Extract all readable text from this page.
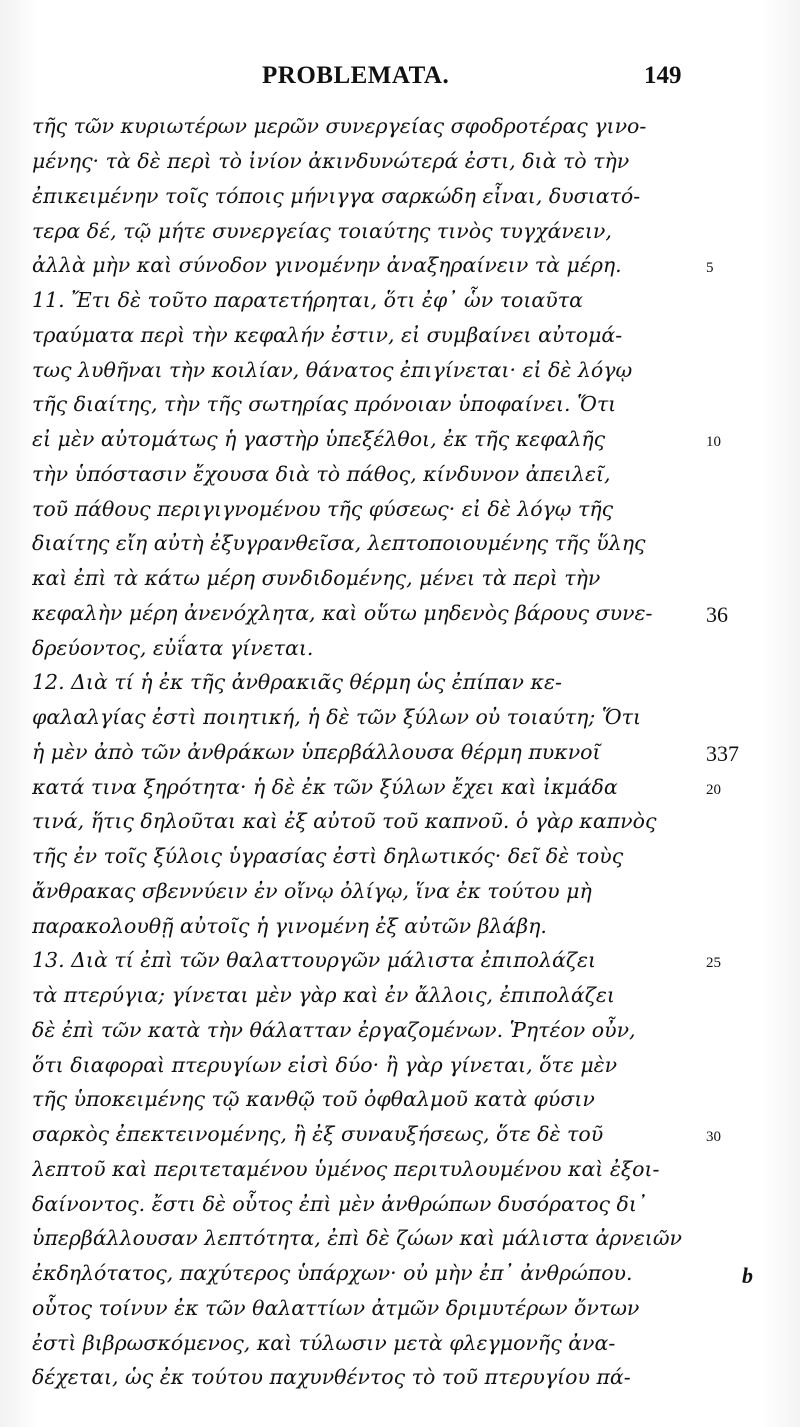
PROBLEMATA.	149
τῆς τῶν κυριωτέρων μερῶν συνεργείας σφοδροτέρας γινο-
μένης· τὰ δὲ περὶ τὸ ἰνίον ἀκινδυνώτερά ἐστι, διὰ τὸ τὴν
ἐπικειμένην τοῖς τόποις μήνιγγα σαρκώδη εἶναι, δυσιατό-
τερα δέ, τῷ μήτε συνεργείας τοιαύτης τινὸς τυγχάνειν,
ἀλλὰ μὴν καὶ σύνοδον γινομένην ἀναξηραίνειν τὰ μέρη.
11. Ἔτι δὲ τοῦτο παρατετήρηται, ὅτι ἐφ᾽ ὧν τοιαῦτα
τραύματα περὶ τὴν κεφαλήν ἐστιν, εἰ συμβαίνει αὐτομά-
τως λυθῆναι τὴν κοιλίαν, θάνατος ἐπιγίνεται· εἰ δὲ λόγῳ
τῆς διαίτης, τὴν τῆς σωτηρίας πρόνοιαν ὑποφαίνει. Ὅτι
εἰ μὲν αὐτομάτως ἡ γαστὴρ ὑπεξέλθοι, ἐκ τῆς κεφαλῆς
τὴν ὑπόστασιν ἔχουσα διὰ τὸ πάθος, κίνδυνον ἀπειλεῖ,
τοῦ πάθους περιγιγνομένου τῆς φύσεως· εἰ δὲ λόγῳ τῆς
διαίτης εἴη αὐτὴ ἐξυγρανθεῖσα, λεπτοποιουμένης τῆς ὕλης
καὶ ἐπὶ τὰ κάτω μέρη συνδιδομένης, μένει τὰ περὶ τὴν
κεφαλὴν μέρη ἀνενόχλητα, καὶ οὕτω μηδενὸς βάρους συνε-
δρεύοντος, εὐΐατα γίνεται.
12. Διὰ τί ἡ ἐκ τῆς ἀνθρακιᾶς θέρμη ὡς ἐπίπαν κε-
φαλαλγίας ἐστὶ ποιητική, ἡ δὲ τῶν ξύλων οὐ τοιαύτη; Ὅτι
ἡ μὲν ἀπὸ τῶν ἀνθράκων ὑπερβάλλουσα θέρμη πυκνοῖ
κατά τινα ξηρότητα· ἡ δὲ ἐκ τῶν ξύλων ἔχει καὶ ἰκμάδα
τινά, ἥτις δηλοῦται καὶ ἐξ αὐτοῦ τοῦ καπνοῦ. ὁ γὰρ καπνὸς
τῆς ἐν τοῖς ξύλοις ὑγρασίας ἐστὶ δηλωτικός· δεῖ δὲ τοὺς
ἄνθρακας σβεννύειν ἐν οἴνῳ ὀλίγῳ, ἵνα ἐκ τούτου μὴ
παρακολουθῇ αὐτοῖς ἡ γινομένη ἐξ αὐτῶν βλάβη.
13. Διὰ τί ἐπὶ τῶν θαλαττουργῶν μάλιστα ἐπιπολάζει
τὰ πτερύγια; γίνεται μὲν γὰρ καὶ ἐν ἄλλοις, ἐπιπολάζει
δὲ ἐπὶ τῶν κατὰ τὴν θάλατταν ἐργαζομένων. Ῥητέον οὖν,
ὅτι διαφοραὶ πτερυγίων εἰσὶ δύο· ἢ γὰρ γίνεται, ὅτε μὲν
τῆς ὑποκειμένης τῷ κανθῷ τοῦ ὀφθαλμοῦ κατὰ φύσιν
σαρκὸς ἐπεκτεινομένης, ἢ ἐξ συναυξήσεως, ὅτε δὲ τοῦ
λεπτοῦ καὶ περιτεταμένου ὑμένος περιτυλουμένου καὶ ἐξοι-
δαίνοντος. ἔστι δὲ οὗτος ἐπὶ μὲν ἀνθρώπων δυσόρατος δι᾽
ὑπερβάλλουσαν λεπτότητα, ἐπὶ δὲ ζώων καὶ μάλιστα ἀρνειῶν
ἐκδηλότατος, παχύτερος ὑπάρχων· οὐ μὴν ἐπ᾽ ἀνθρώπου.
οὗτος τοίνυν ἐκ τῶν θαλαττίων ἀτμῶν δριμυτέρων ὄντων
ἐστὶ βιβρωσκόμενος, καὶ τύλωσιν μετὰ φλεγμονῆς ἀνα-
δέχεται, ὡς ἐκ τούτου παχυνθέντος τὸ τοῦ πτερυγίου πά-
5
10
36
337
20
25
30
b
